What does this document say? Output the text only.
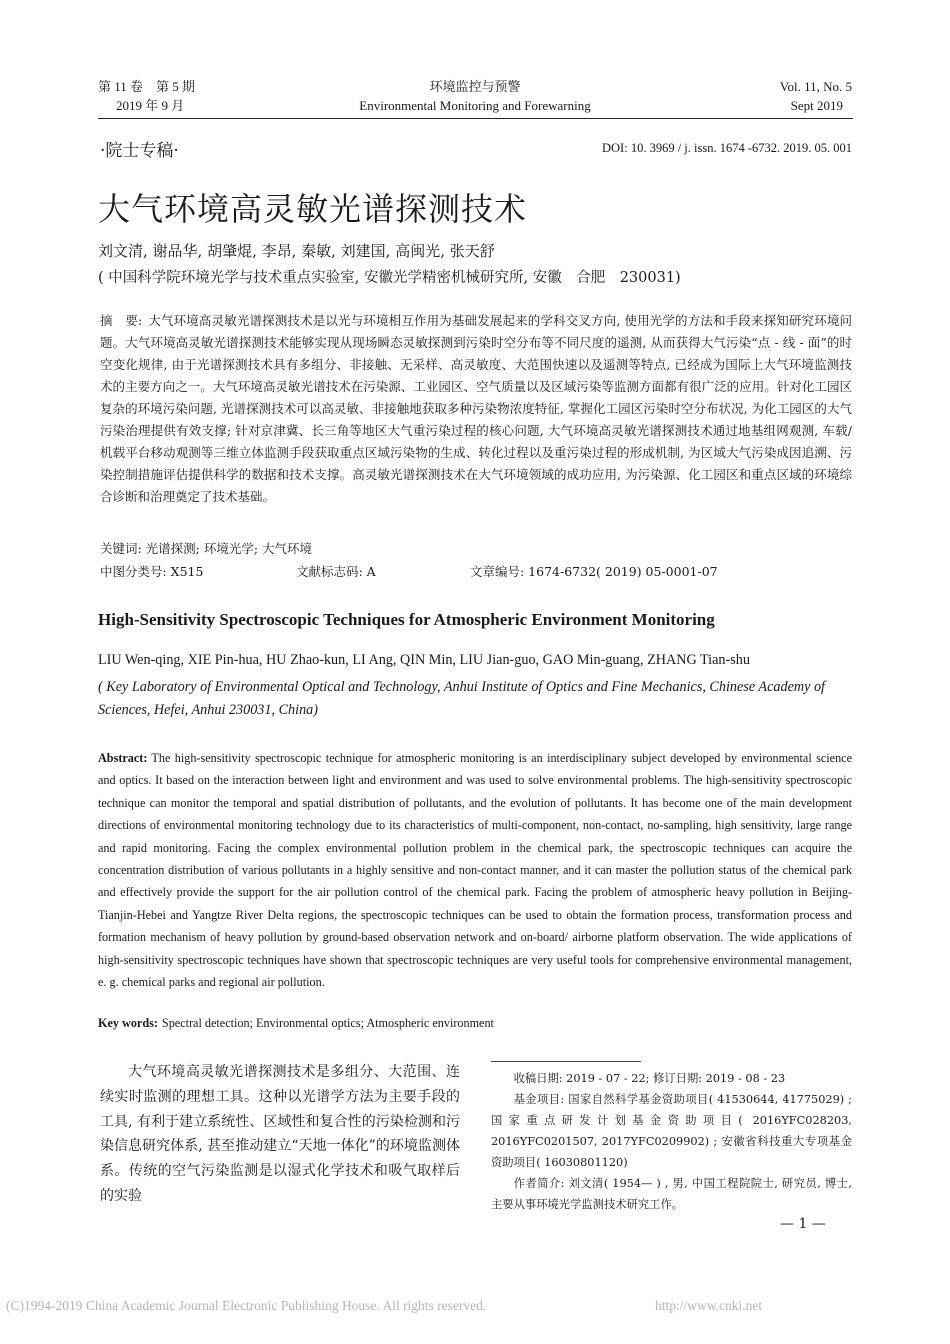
第 11 卷　第 5 期
2019 年 9 月
环境监控与预警
Environmental Monitoring and Forewarning
Vol. 11, No. 5
Sept 2019
·院士专稿·	DOI: 10. 3969 / j. issn. 1674 -6732. 2019. 05. 001
大气环境高灵敏光谱探测技术
刘文清, 谢品华, 胡肇焜, 李昂, 秦敏, 刘建国, 高闽光, 张天舒
( 中国科学院环境光学与技术重点实验室, 安徽光学精密机械研究所, 安徽　合肥　230031)
摘　要: 大气环境高灵敏光谱探测技术是以光与环境相互作用为基础发展起来的学科交叉方向, 使用光学的方法和手段来探知研究环境问题。大气环境高灵敏光谱探测技术能够实现从现场瞬态灵敏探测到污染时空分布等不同尺度的遥测, 从而获得大气污染“点 - 线 - 面”的时空变化规律, 由于光谱探测技术具有多组分、非接触、无采样、高灵敏度、大范围快速以及遥测等特点, 已经成为国际上大气环境监测技术的主要方向之一。大气环境高灵敏光谱技术在污染源、工业园区、空气质量以及区域污染等监测方面都有很广泛的应用。针对化工园区复杂的环境污染问题, 光谱探测技术可以高灵敏、非接触地获取多种污染物浓度特征, 掌握化工园区污染时空分布状况, 为化工园区的大气污染治理提供有效支撑; 针对京津冀、长三角等地区大气重污染过程的核心问题, 大气环境高灵敏光谱探测技术通过地基组网观测, 车载/机载平台移动观测等三维立体监测手段获取重点区域污染物的生成、转化过程以及重污染过程的形成机制, 为区域大气污染成因追溯、污染控制措施评估提供科学的数据和技术支撑。高灵敏光谱探测技术在大气环境领域的成功应用, 为污染源、化工园区和重点区域的环境综合诊断和治理奠定了技术基础。
关键词: 光谱探测; 环境光学; 大气环境
中图分类号: X515	文献标志码: A	文章编号: 1674-6732( 2019) 05-0001-07
High-Sensitivity Spectroscopic Techniques for Atmospheric Environment Monitoring
LIU Wen-qing, XIE Pin-hua, HU Zhao-kun, LI Ang, QIN Min, LIU Jian-guo, GAO Min-guang, ZHANG Tian-shu
( Key Laboratory of Environmental Optical and Technology, Anhui Institute of Optics and Fine Mechanics, Chinese Academy of Sciences, Hefei, Anhui 230031, China)
Abstract: The high-sensitivity spectroscopic technique for atmospheric monitoring is an interdisciplinary subject developed by environmental science and optics. It based on the interaction between light and environment and was used to solve environmental problems. The high-sensitivity spectroscopic technique can monitor the temporal and spatial distribution of pollutants, and the evolution of pollutants. It has become one of the main development directions of environmental monitoring technology due to its characteristics of multi-component, non-contact, no-sampling, high sensitivity, large range and rapid monitoring. Facing the complex environmental pollution problem in the chemical park, the spectroscopic techniques can acquire the concentration distribution of various pollutants in a highly sensitive and non-contact manner, and it can master the pollution status of the chemical park and effectively provide the support for the air pollution control of the chemical park. Facing the problem of atmospheric heavy pollution in Beijing-Tianjin-Hebei and Yangtze River Delta regions, the spectroscopic techniques can be used to obtain the formation process, transformation process and formation mechanism of heavy pollution by ground-based observation network and on-board/ airborne platform observation. The wide applications of high-sensitivity spectroscopic techniques have shown that spectroscopic techniques are very useful tools for comprehensive environmental management, e. g. chemical parks and regional air pollution.
Key words: Spectral detection; Environmental optics; Atmospheric environment
大气环境高灵敏光谱探测技术是多组分、大范围、连续实时监测的理想工具。这种以光谱学方法为主要手段的工具, 有利于建立系统性、区域性和复合性的污染检测和污染信息研究体系, 甚至推动建立“天地一体化”的环境监测体系。传统的空气污染监测是以湿式化学技术和吸气取样后的实验

收稿日期: 2019 - 07 - 22; 修订日期: 2019 - 08 - 23

基金项目: 国家自然科学基金资助项目( 41530644, 41775029) ; 国家重点研发计划基金资助项目( 2016YFC028203, 2016YFC0201507, 2017YFC0209902) ; 安徽省科技重大专项基金资助项目( 16030801120)

作者简介: 刘文清( 1954— ) , 男, 中国工程院院士, 研究员, 博士, 主要从事环境光学监测技术研究工作。

— 1 —
(C)1994-2019 China Academic Journal Electronic Publishing House. All rights reserved.	http://www.cnki.net
